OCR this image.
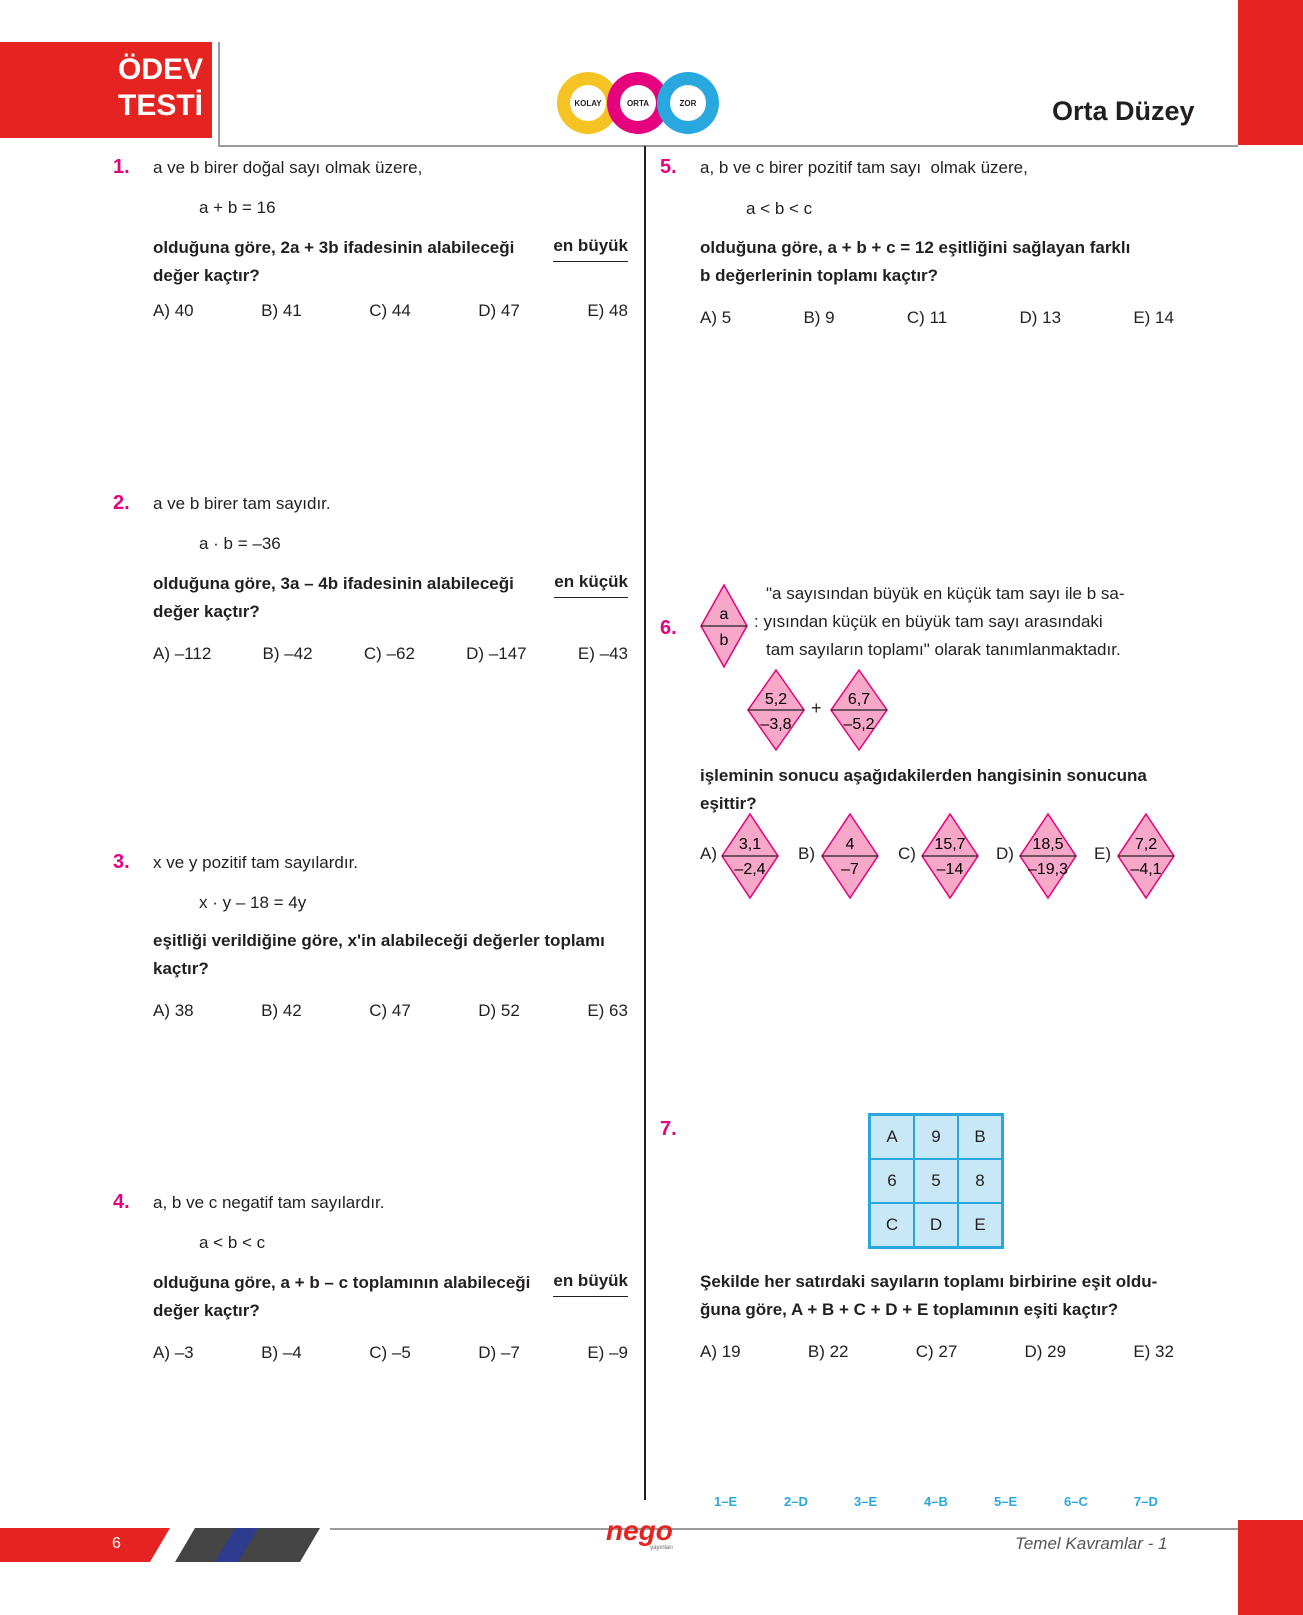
ÖDEV
TESTİ	KOLAY	ORTA	ZOR	Orta Düzey
1. a ve b birer doğal sayı olmak üzere,
a + b = 16
olduğuna göre, 2a + 3b ifadesinin alabileceği en büyük
değer kaçtır?
A) 40	B) 41	C) 44	D) 47	E) 48
2. a ve b birer tam sayıdır.
a · b = –36
olduğuna göre, 3a – 4b ifadesinin alabileceği en küçük
değer kaçtır?
A) –112	B) –42	C) –62	D) –147	E) –43
3. x ve y pozitif tam sayılardır.
x · y – 18 = 4y
eşitliği verildiğine göre, x'in alabileceği değerler toplamı
kaçtır?
A) 38	B) 42	C) 47	D) 52	E) 63
4. a, b ve c negatif tam sayılardır.
a < b < c
olduğuna göre, a + b – c toplamının alabileceği en büyük
değer kaçtır?
A) –3	B) –4	C) –5	D) –7	E) –9
5. a, b ve c birer pozitif tam sayı  olmak üzere,
a < b < c
olduğuna göre, a + b + c = 12 eşitliğini sağlayan farklı
b değerlerinin toplamı kaçtır?
A) 5	B) 9	C) 11	D) 13	E) 14
6.
a
b
"a sayısından büyük en küçük tam sayı ile b sa-
: yısından küçük en büyük tam sayı arasındaki
tam sayıların toplamı" olarak tanımlanmaktadır.
5,2
–3,8
+ 6,7
–5,2
işleminin sonucu aşağıdakilerden hangisinin sonucuna
eşittir?
A) 3,1
–2,4
B) 4
–7
C) 15,7
–14
D) 18,5
–19,3
E) 7,2
–4,1
7.	A	9	B
6	5	8
C	D	E
Şekilde her satırdaki sayıların toplamı birbirine eşit oldu-
ğuna göre, A + B + C + D + E toplamının eşiti kaçtır?
A) 19	B) 22	C) 27	D) 29	E) 32
1–E	2–D	3–E	4–B	5–E	6–C	7–D
6	nego
yayınları	Temel Kavramlar - 1
